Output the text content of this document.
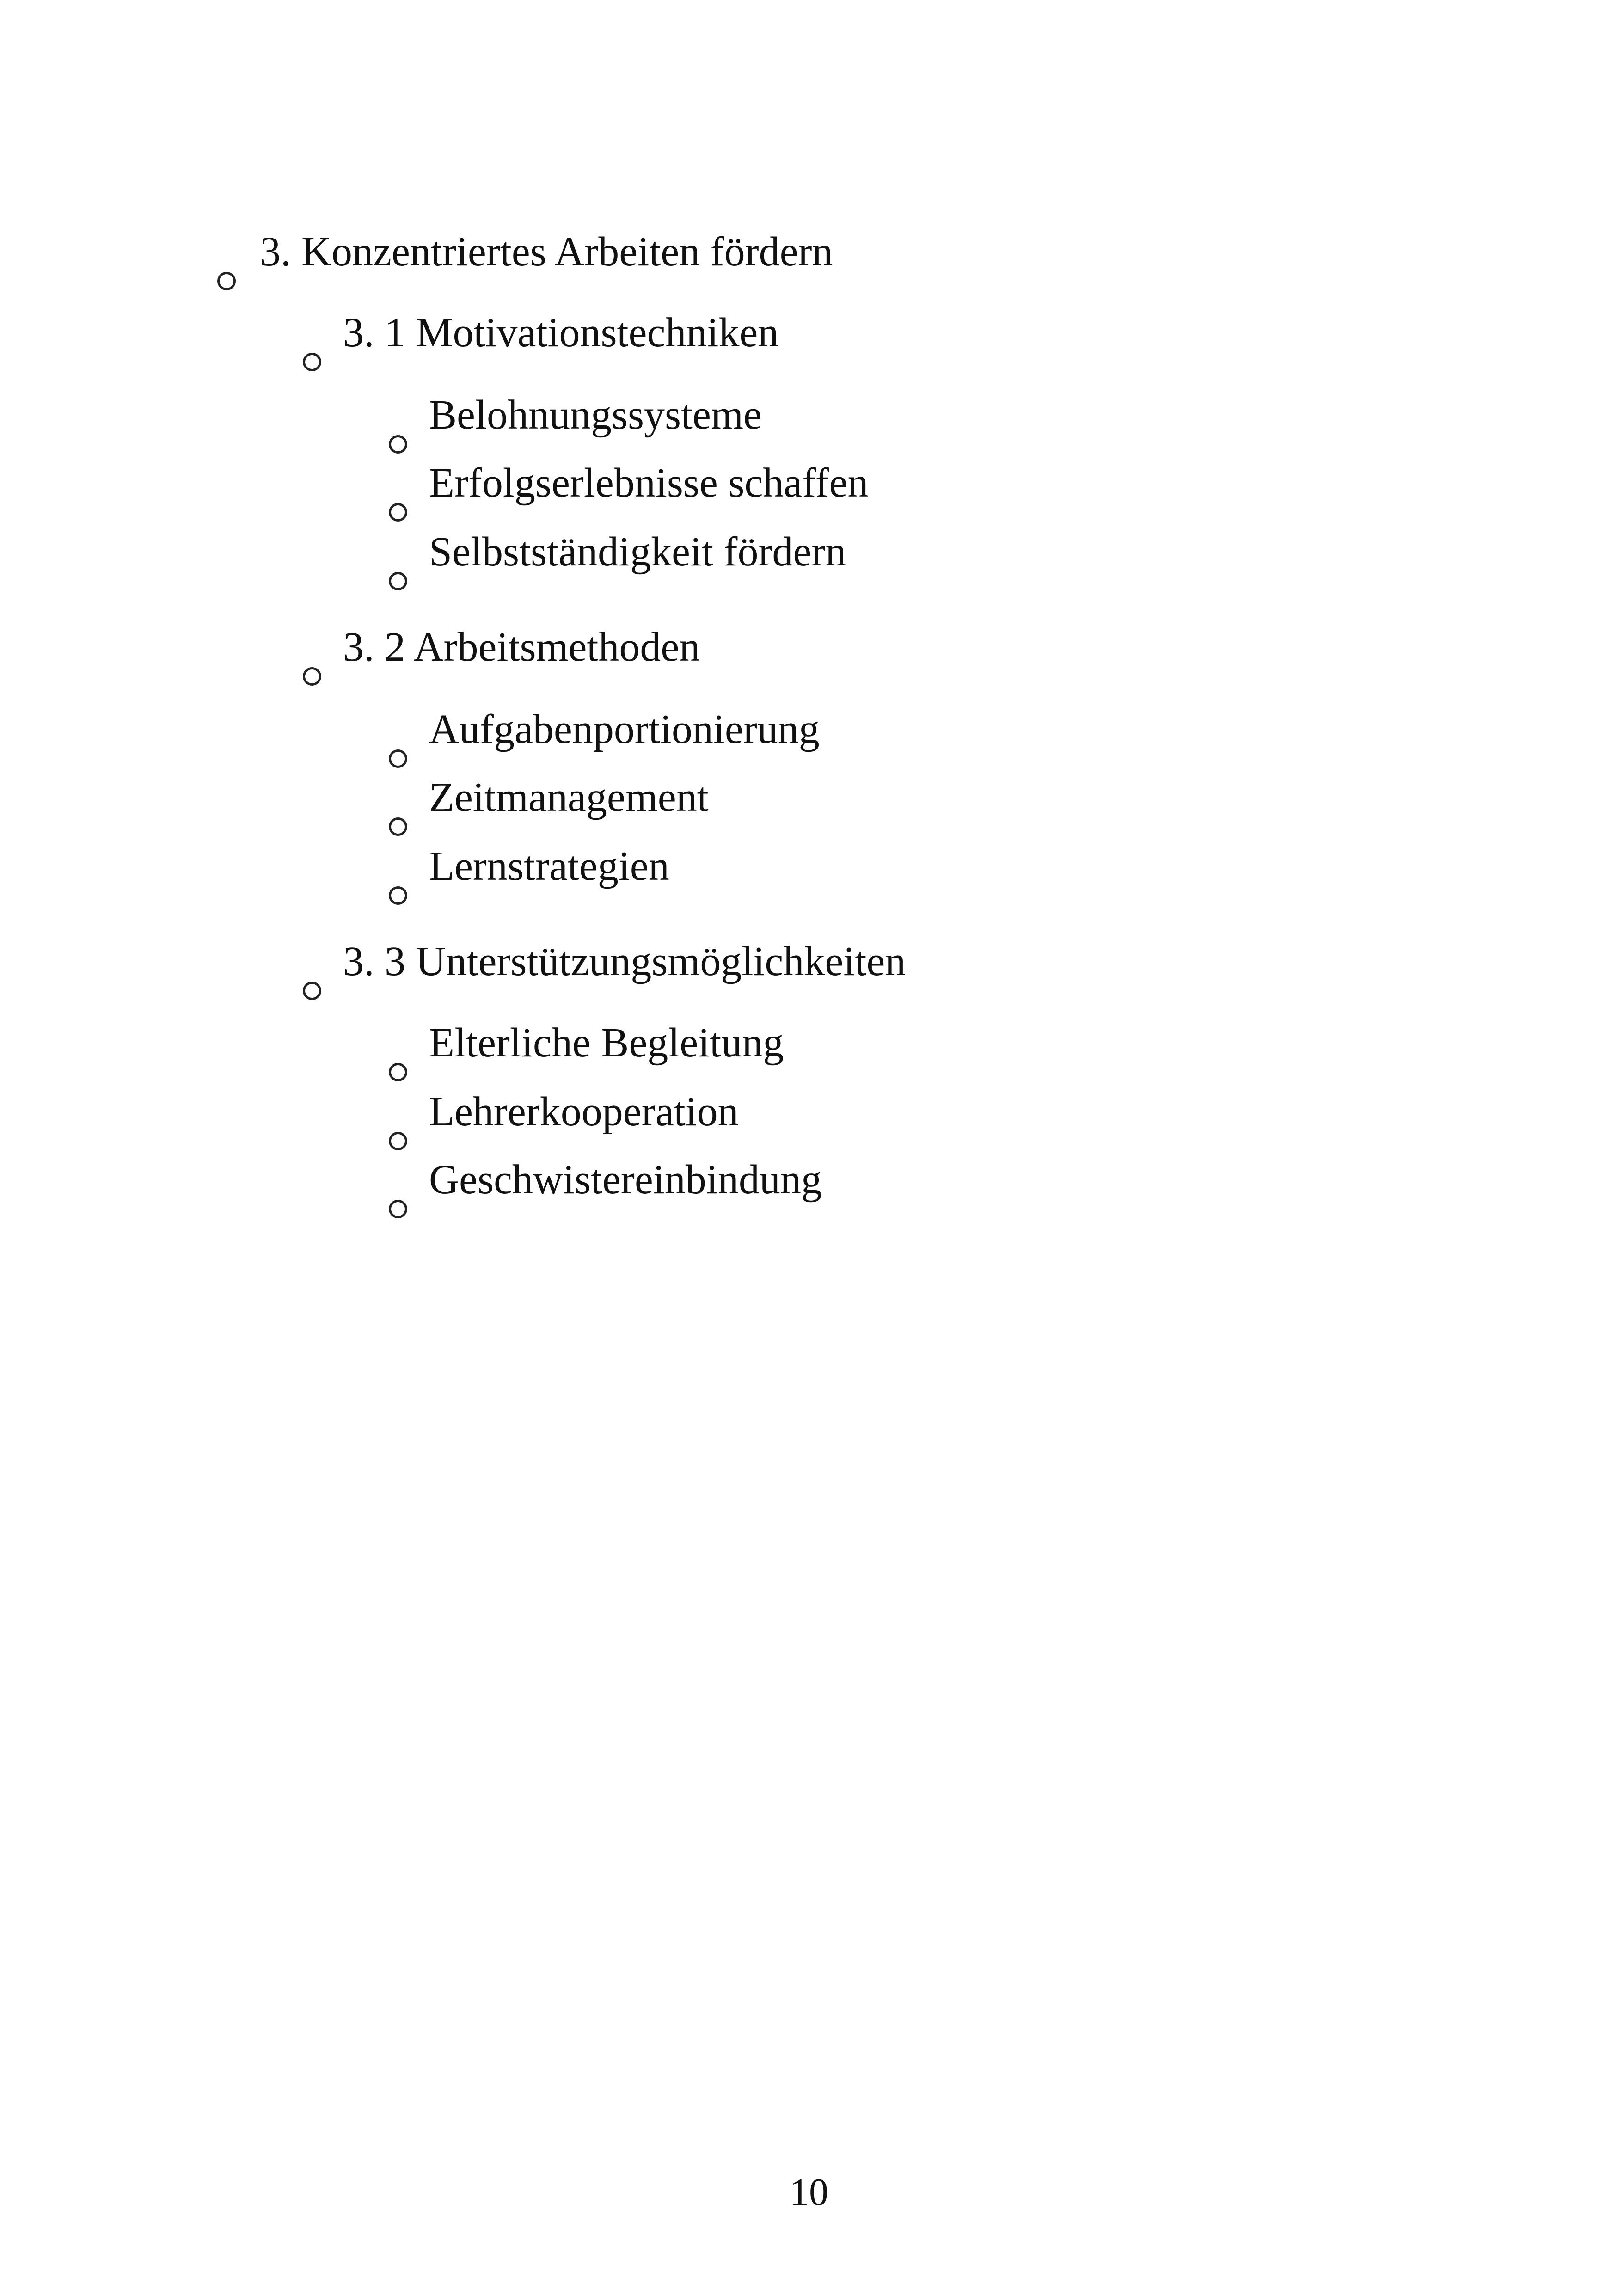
3. Konzentriertes Arbeiten fördern
3. 1 Motivationstechniken
Belohnungssysteme
Erfolgserlebnisse schaffen
Selbstständigkeit fördern
3. 2 Arbeitsmethoden
Aufgabenportionierung
Zeitmanagement
Lernstrategien
3. 3 Unterstützungsmöglichkeiten
Elterliche Begleitung
Lehrerkooperation
Geschwistereinbindung
10
